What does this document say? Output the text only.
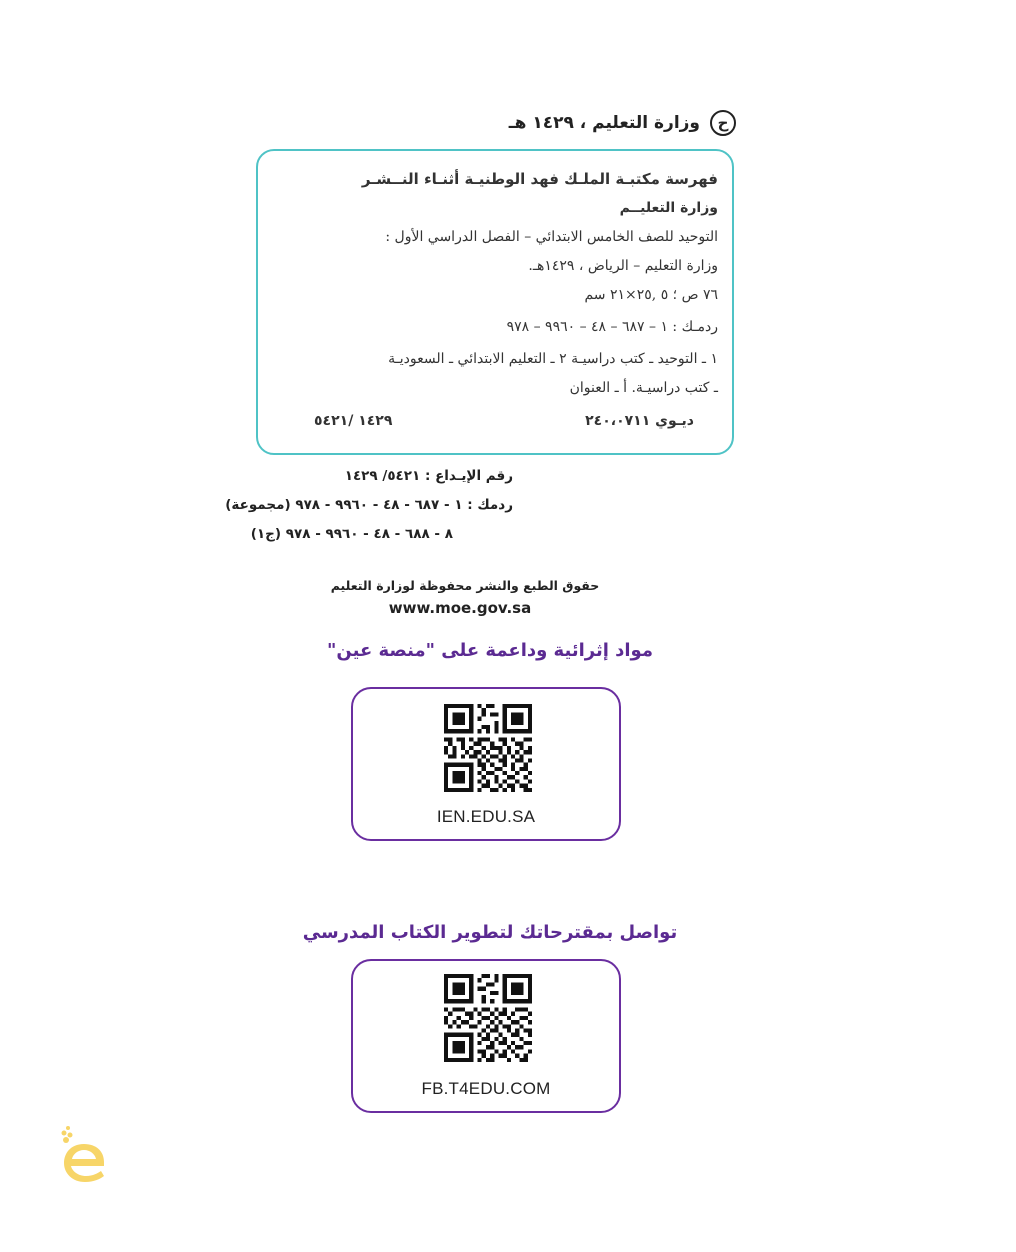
ح
وزارة التعليم ، ١٤٢٩ هـ
فهرسة مكتبـة الملـك فهد الوطنيـة أثنـاء النــشـر
وزارة التعليــم
التوحيد للصف الخامس الابتدائي – الفصل الدراسي الأول :
وزارة التعليم – الرياض ، ١٤٢٩هـ.
٧٦ ص ؛ ٥ ,٢٥×٢١ سم
ردمـك : ١ – ٦٨٧ – ٤٨ – ٩٩٦٠ – ٩٧٨
١ ـ التوحيد ـ كتب دراسيـة ٢ ـ التعليم الابتدائي ـ السعوديـة
ـ كتب دراسيـة. أ ـ العنوان
ديـوي ٢٤٠،٠٧١١
١٤٢٩ /٥٤٢١
رقم الإيـداع : ٥٤٢١/ ١٤٢٩
ردمك : ١ - ٦٨٧ - ٤٨ - ٩٩٦٠ - ٩٧٨ (مجموعة)
٨ - ٦٨٨ - ٤٨ - ٩٩٦٠ - ٩٧٨ (ج١)
حقوق الطبع والنشر محفوظة لوزارة التعليم
www.moe.gov.sa
مواد إثرائية وداعمة على "منصة عين"
IEN.EDU.SA
تواصل بمقترحاتك لتطوير الكتاب المدرسي
FB.T4EDU.COM
